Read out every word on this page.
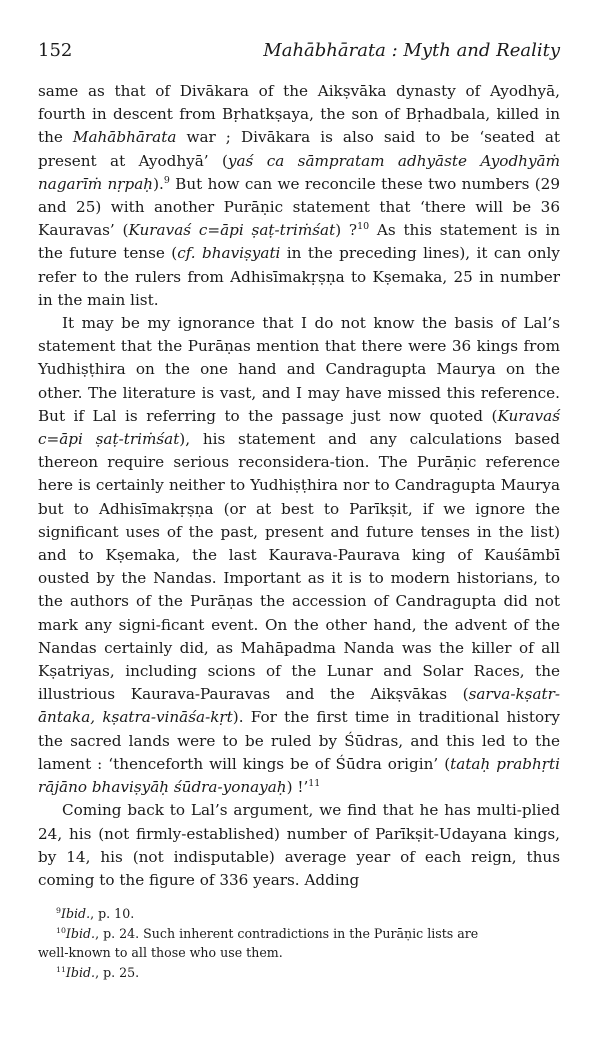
152	Mahābhārata : Myth and Reality

same as that of Divākara of the Aikṣvāka dynasty of Ayodhyā, fourth in descent from Bṛhatkṣaya, the son of Bṛhadbala, killed in the Mahābhārata war ; Divākara is also said to be ‘seated at present at Ayodhyā’ (yaś ca sāmpratam adhyāste Ayodhyāṁ nagarīṁ nṛpaḥ).$^9$ But how can we reconcile these two numbers (29 and 25) with another Purāṇic statement that ‘there will be 36 Kauravas’ (Kuravaś c=āpi ṣaṭ-triṁśat) ?$^{10}$ As this statement is in the future tense (cf. bhaviṣyati in the preceding lines), it can only refer to the rulers from Adhisīmakṛṣṇa to Kṣemaka, 25 in number in the main list.

It may be my ignorance that I do not know the basis of Lal’s statement that the Purāṇas mention that there were 36 kings from Yudhiṣṭhira on the one hand and Candragupta Maurya on the other. The literature is vast, and I may have missed this reference. But if Lal is referring to the passage just now quoted (Kuravaś c=āpi ṣaṭ-triṁśat), his statement and any calculations based thereon require serious reconsidera-tion. The Purāṇic reference here is certainly neither to Yudhiṣṭhira nor to Candragupta Maurya but to Adhisīmakṛṣṇa (or at best to Parīkṣit, if we ignore the significant uses of the past, present and future tenses in the list) and to Kṣemaka, the last Kaurava-Paurava king of Kauśāmbī ousted by the Nandas. Important as it is to modern historians, to the authors of the Purāṇas the accession of Candragupta did not mark any signi-ficant event. On the other hand, the advent of the Nandas certainly did, as Mahāpadma Nanda was the killer of all Kṣatriyas, including scions of the Lunar and Solar Races, the illustrious Kaurava-Pauravas and the Aikṣvākas (sarva-kṣatr-āntaka, kṣatra-vināśa-kṛt). For the first time in traditional history the sacred lands were to be ruled by Śūdras, and this led to the lament : ‘thenceforth will kings be of Śūdra origin’ (tataḥ prabhṛti rājāno bhaviṣyāḥ śūdra-yonayaḥ) !’$^{11}$

Coming back to Lal’s argument, we find that he has multi-plied 24, his (not firmly-established) number of Parīkṣit-Udayana kings, by 14, his (not indisputable) average year of each reign, thus coming to the figure of 336 years. Adding

$^9$Ibid., p. 10.

$^{10}$Ibid., p. 24. Such inherent contradictions in the Purāṇic lists are

well-known to all those who use them.

$^{11}$Ibid., p. 25.
